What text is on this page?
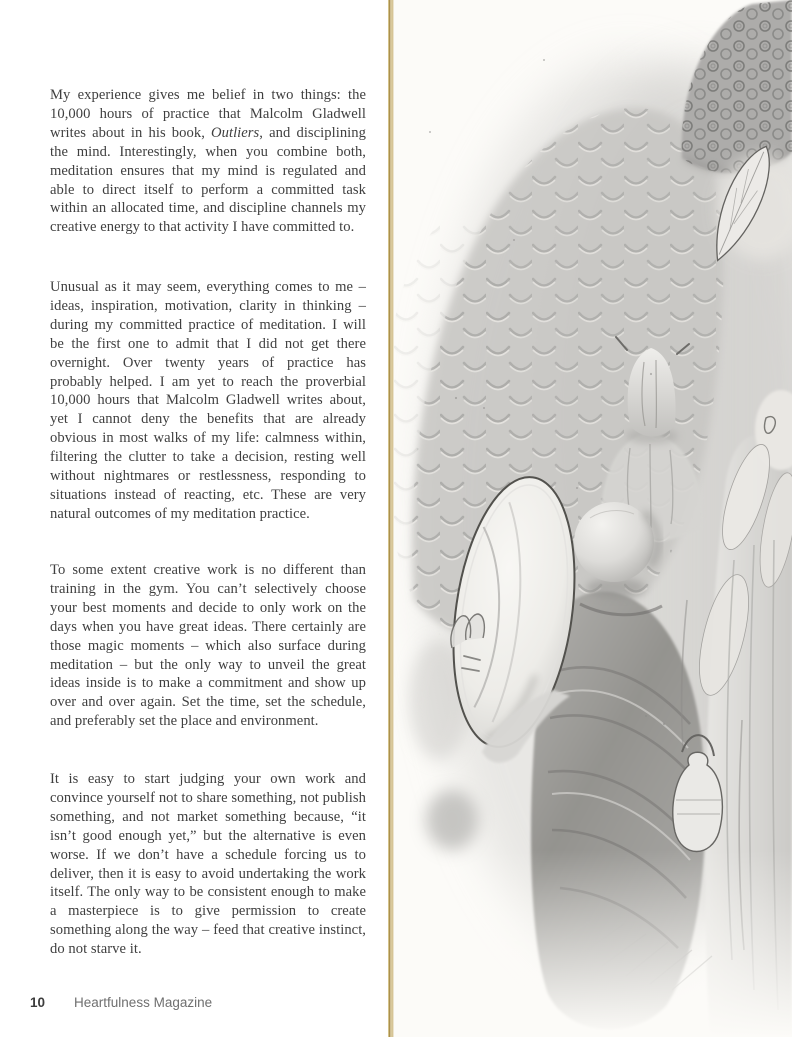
My experience gives me belief in two things: the 10,000 hours of practice that Malcolm Gladwell writes about in his book, Outliers, and disciplining the mind. Interestingly, when you combine both, meditation ensures that my mind is regulated and able to direct itself to perform a committed task within an allocated time, and discipline channels my creative energy to that activity I have committed to.

Unusual as it may seem, everything comes to me – ideas, inspiration, motivation, clarity in thinking – during my committed practice of meditation. I will be the first one to admit that I did not get there overnight. Over twenty years of practice has probably helped. I am yet to reach the proverbial 10,000 hours that Malcolm Gladwell writes about, yet I cannot deny the benefits that are already obvious in most walks of my life: calmness within, filtering the clutter to take a decision, resting well without nightmares or restlessness, responding to situations instead of reacting, etc. These are very natural outcomes of my meditation practice.

To some extent creative work is no different than training in the gym. You can’t selectively choose your best moments and decide to only work on the days when you have great ideas. There certainly are those magic moments – which also surface during meditation – but the only way to unveil the great ideas inside is to make a commitment and show up over and over again. Set the time, set the schedule, and preferably set the place and environment.

It is easy to start judging your own work and convince yourself not to share something, not publish something, and not market something because, “it isn’t good enough yet,” but the alternative is even worse. If we don’t have a schedule forcing us to deliver, then it is easy to avoid undertaking the work itself. The only way to be consistent enough to make a masterpiece is to give permission to create something along the way – feed that creative instinct, do not starve it.

10 Heartfulness Magazine
